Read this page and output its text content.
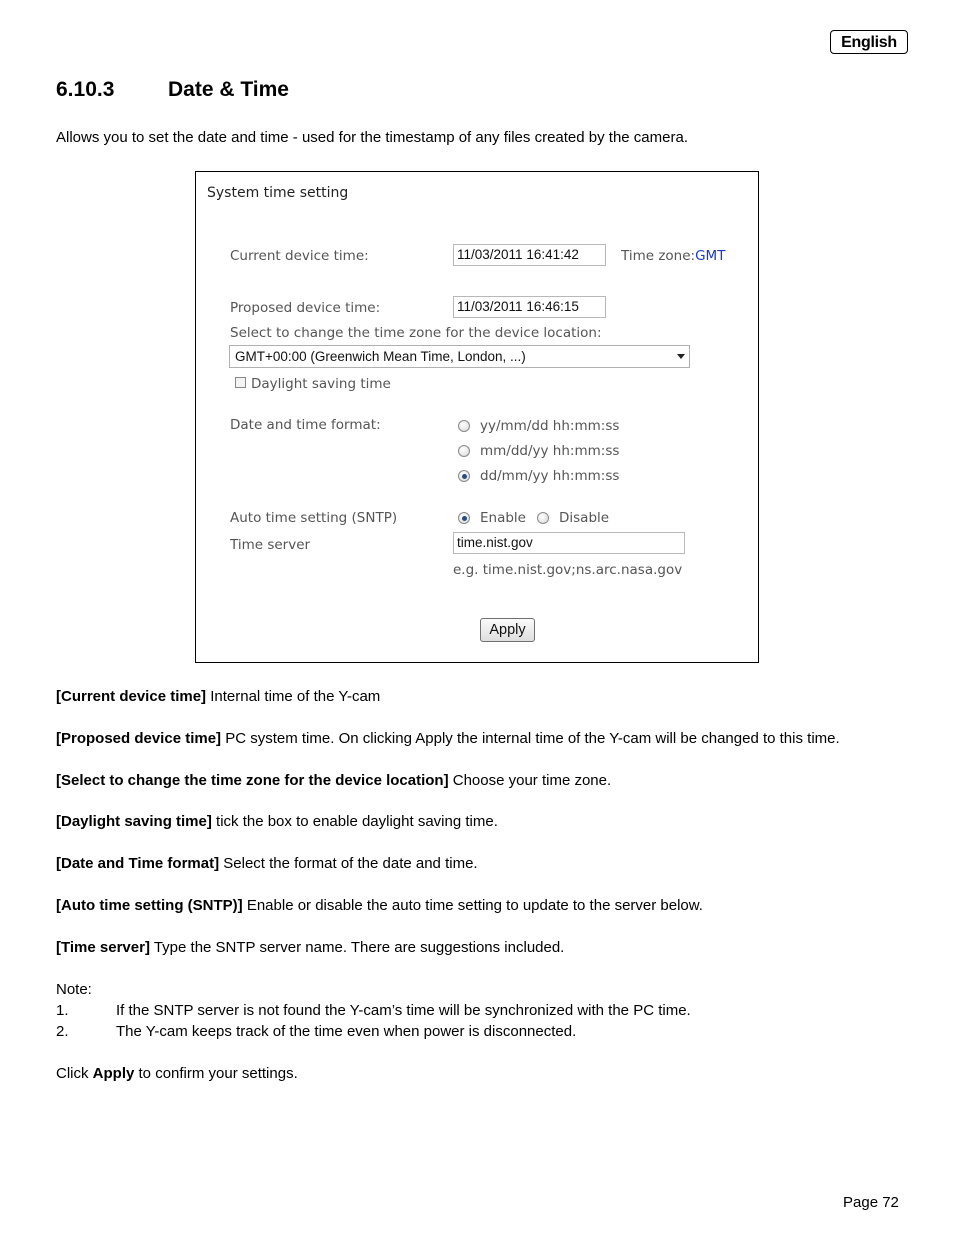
English
6.10.3	Date & Time
Allows you to set the date and time - used for the timestamp of any files created by the camera.
System time setting
Current device time:	11/03/2011 16:41:42	Time zone:GMT
Proposed device time:	11/03/2011 16:46:15
Select to change the time zone for the device location:
GMT+00:00 (Greenwich Mean Time, London, ...)
Daylight saving time
Date and time format:	yy/mm/dd hh:mm:ss
mm/dd/yy hh:mm:ss
dd/mm/yy hh:mm:ss
Auto time setting (SNTP)	Enable Disable
Time server	time.nist.gov
e.g. time.nist.gov;ns.arc.nasa.gov
Apply
[Current device time] Internal time of the Y-cam
[Proposed device time] PC system time. On clicking Apply the internal time of the Y-cam will be changed to this time.
[Select to change the time zone for the device location] Choose your time zone.
[Daylight saving time] tick the box to enable daylight saving time.
[Date and Time format] Select the format of the date and time.
[Auto time setting (SNTP)] Enable or disable the auto time setting to update to the server below.
[Time server] Type the SNTP server name. There are suggestions included.
Note:
1.	If the SNTP server is not found the Y-cam’s time will be synchronized with the PC time.
2.	The Y-cam keeps track of the time even when power is disconnected.
Click Apply to confirm your settings.
Page 72
